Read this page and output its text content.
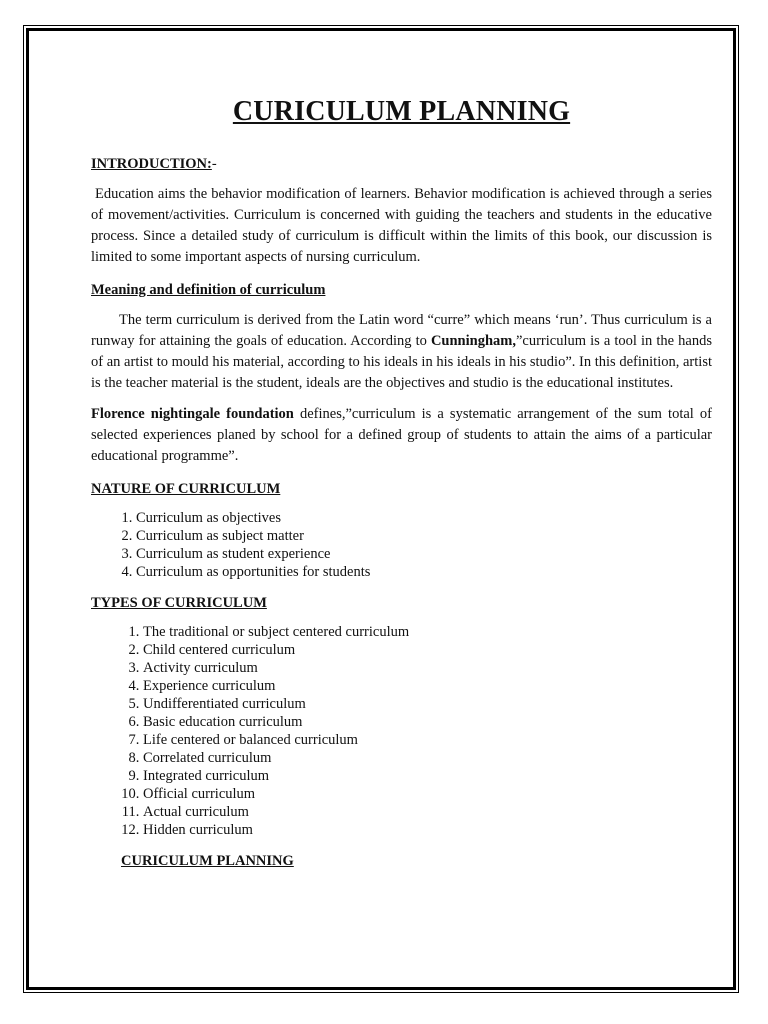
CURICULUM PLANNING

INTRODUCTION:-

Education aims the behavior modification of learners. Behavior modification is achieved through a series of movement/activities. Curriculum is concerned with guiding the teachers and students in the educative process. Since a detailed study of curriculum is difficult within the limits of this book, our discussion is limited to some important aspects of nursing curriculum.

Meaning and definition of curriculum

The term curriculum is derived from the Latin word “curre” which means ‘run’. Thus curriculum is a runway for attaining the goals of education. According to Cunningham,”curriculum is a tool in the hands of an artist to mould his material, according to his ideals in his ideals in his studio”. In this definition, artist is the teacher material is the student, ideals are the objectives and studio is the educational institutes.

Florence nightingale foundation defines,”curriculum is a systematic arrangement of the sum total of selected experiences planed by school for a defined group of students to attain the aims of a particular educational programme”.

NATURE OF CURRICULUM

1. Curriculum as objectives
2. Curriculum as subject matter
3. Curriculum as student experience
4. Curriculum as opportunities for students

TYPES OF CURRICULUM

1. The traditional or subject centered curriculum
2. Child centered curriculum
3. Activity curriculum
4. Experience curriculum
5. Undifferentiated curriculum
6. Basic education curriculum
7. Life centered or balanced curriculum
8. Correlated curriculum
9. Integrated curriculum
10. Official curriculum
11. Actual curriculum
12. Hidden curriculum

CURICULUM PLANNING
